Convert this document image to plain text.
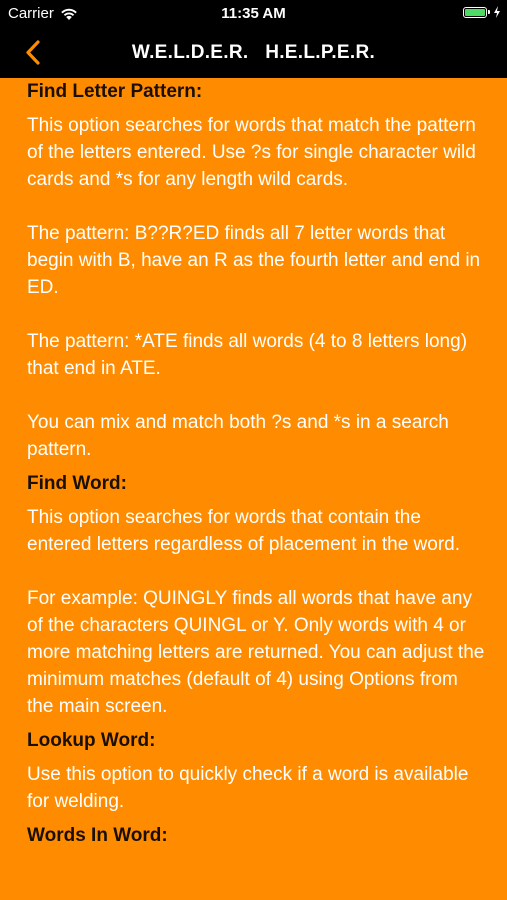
Carrier	11:35 AM
W.E.L.D.E.R.   H.E.L.P.E.R.
Find Letter Pattern:
This option searches for words that match the pattern of the letters entered. Use ?s for single character wild cards and *s for any length wild cards.
The pattern: B??R?ED finds all 7 letter words that begin with B, have an R as the fourth letter and end in ED.
The pattern: *ATE finds all words (4 to 8 letters long) that end in ATE.
You can mix and match both ?s and *s in a search pattern.
Find Word:
This option searches for words that contain the entered letters regardless of placement in the word.
For example: QUINGLY finds all words that have any of the characters QUINGL or Y. Only words with 4 or more matching letters are returned. You can adjust the minimum matches (default of 4) using Options from the main screen.
Lookup Word:
Use this option to quickly check if a word is available for welding.
Words In Word:
